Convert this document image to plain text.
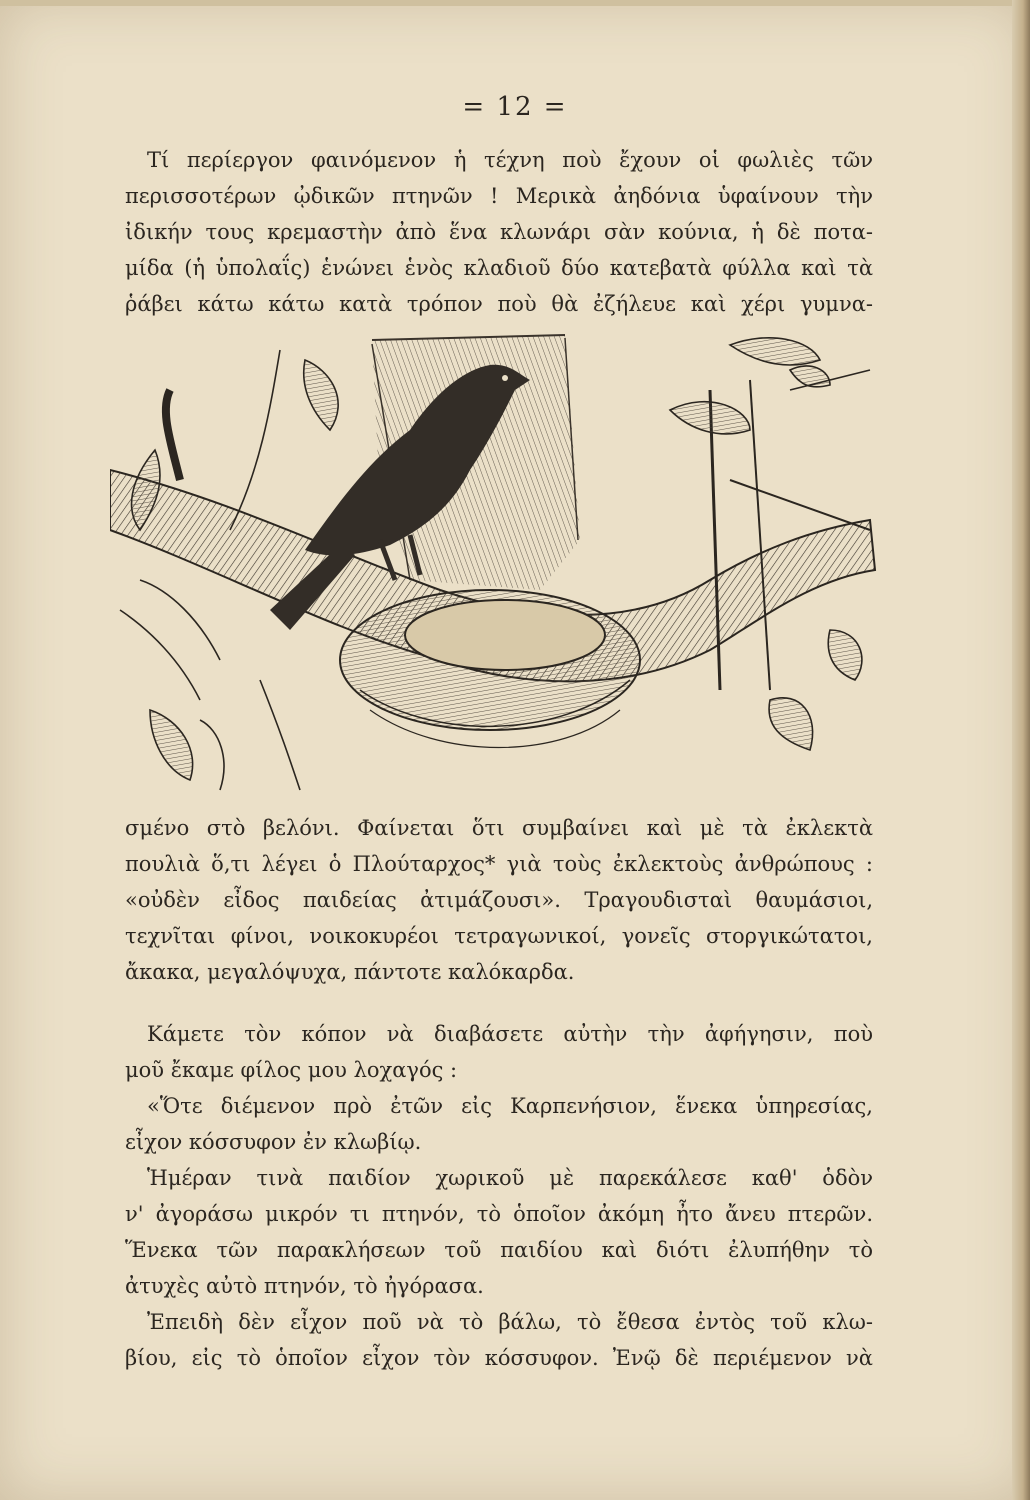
= 12 =
Τί περίεργον φαινόμενον ἡ τέχνη ποὺ ἔχουν οἱ φωλιὲς τῶν
περισσοτέρων ᾠδικῶν πτηνῶν ! Μερικὰ ἀηδόνια ὑφαίνουν τὴν
ἰδικήν τους κρεμαστὴν ἀπὸ ἕνα κλωνάρι σὰν κούνια, ἡ δὲ ποτα-
μίδα (ἡ ὑπολαΐς) ἑνώνει ἑνὸς κλαδιοῦ δύο κατεβατὰ φύλλα καὶ τὰ
ῥάβει κάτω κάτω κατὰ τρόπον ποὺ θὰ ἐζήλευε καὶ χέρι γυμνα-
σμένο στὸ βελόνι. Φαίνεται ὅτι συμβαίνει καὶ μὲ τὰ ἐκλεκτὰ
πουλιὰ ὅ,τι λέγει ὁ Πλούταρχος* γιὰ τοὺς ἐκλεκτοὺς ἀνθρώπους :
«οὐδὲν εἶδος παιδείας ἀτιμάζουσι». Τραγουδισταὶ θαυμάσιοι,
τεχνῖται φίνοι, νοικοκυρέοι τετραγωνικοί, γονεῖς στοργικώτατοι,
ἄκακα, μεγαλόψυχα, πάντοτε καλόκαρδα.
Κάμετε τὸν κόπον νὰ διαβάσετε αὐτὴν τὴν ἀφήγησιν, ποὺ
μοῦ ἔκαμε φίλος μου λοχαγός :
«Ὅτε διέμενον πρὸ ἐτῶν εἰς Καρπενήσιον, ἕνεκα ὑπηρεσίας,
εἶχον κόσσυφον ἐν κλωβίῳ.
Ἡμέραν τινὰ παιδίον χωρικοῦ μὲ παρεκάλεσε καθ' ὁδὸν
ν' ἀγοράσω μικρόν τι πτηνόν, τὸ ὁποῖον ἀκόμη ἦτο ἄνευ πτερῶν.
Ἕνεκα τῶν παρακλήσεων τοῦ παιδίου καὶ διότι ἐλυπήθην τὸ
ἀτυχὲς αὐτὸ πτηνόν, τὸ ἠγόρασα.
Ἐπειδὴ δὲν εἶχον ποῦ νὰ τὸ βάλω, τὸ ἔθεσα ἐντὸς τοῦ κλω-
βίου, εἰς τὸ ὁποῖον εἶχον τὸν κόσσυφον. Ἐνῷ δὲ περιέμενον νὰ
